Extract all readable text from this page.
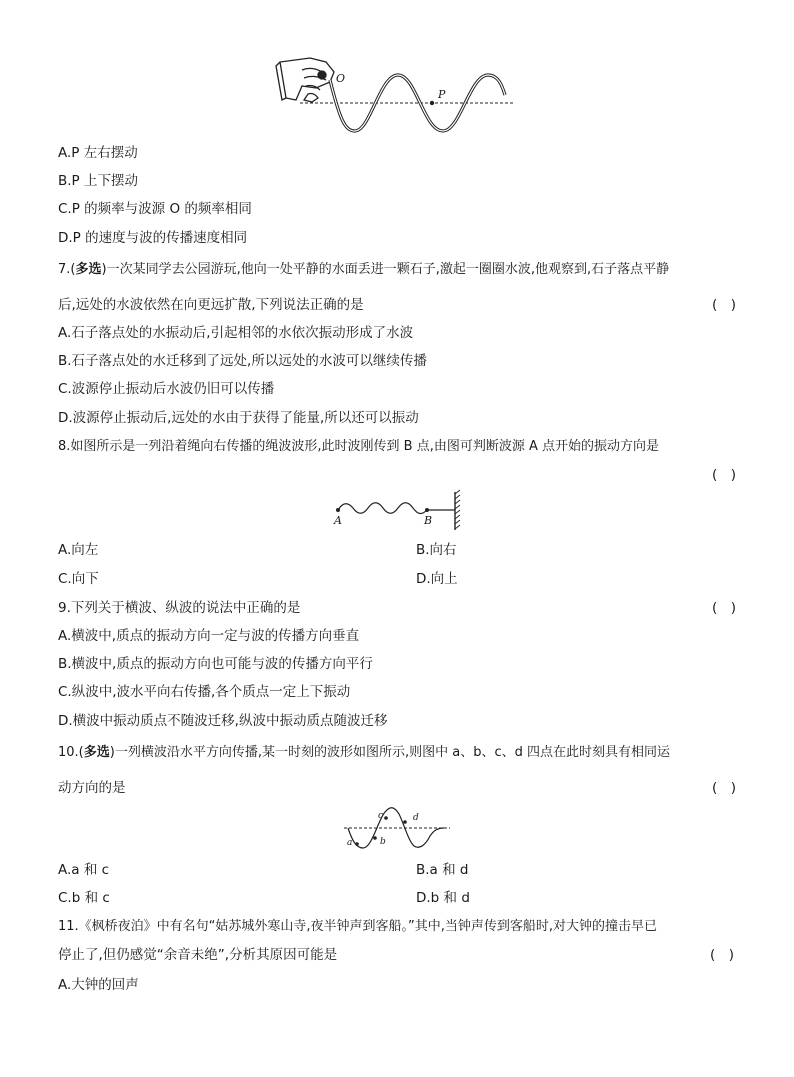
O
P
A.P 左右摆动
B.P 上下摆动
C.P 的频率与波源 O 的频率相同
D.P 的速度与波的传播速度相同
7.(多选)一次某同学去公园游玩,他向一处平静的水面丢进一颗石子,激起一圈圈水波,他观察到,石子落点平静
后,远处的水波依然在向更远扩散,下列说法正确的是	(　)
A.石子落点处的水振动后,引起相邻的水依次振动形成了水波
B.石子落点处的水迁移到了远处,所以远处的水波可以继续传播
C.波源停止振动后水波仍旧可以传播
D.波源停止振动后,远处的水由于获得了能量,所以还可以振动
8.如图所示是一列沿着绳向右传播的绳波波形,此时波刚传到 B 点,由图可判断波源 A 点开始的振动方向是
(　)
A	B
A.向左	B.向右
C.向下	D.向上
9.下列关于横波、纵波的说法中正确的是	(　)
A.横波中,质点的振动方向一定与波的传播方向垂直
B.横波中,质点的振动方向也可能与波的传播方向平行
C.纵波中,波水平向右传播,各个质点一定上下振动
D.横波中振动质点不随波迁移,纵波中振动质点随波迁移
10.(多选)一列横波沿水平方向传播,某一时刻的波形如图所示,则图中 a、b、c、d 四点在此时刻具有相同运
动方向的是	(　)
a	b
c	d
A.a 和 c	B.a 和 d
C.b 和 c	D.b 和 d
11.《枫桥夜泊》中有名句“姑苏城外寒山寺,夜半钟声到客船。”其中,当钟声传到客船时,对大钟的撞击早已
停止了,但仍感觉“余音未绝”,分析其原因可能是	(　)
A.大钟的回声
